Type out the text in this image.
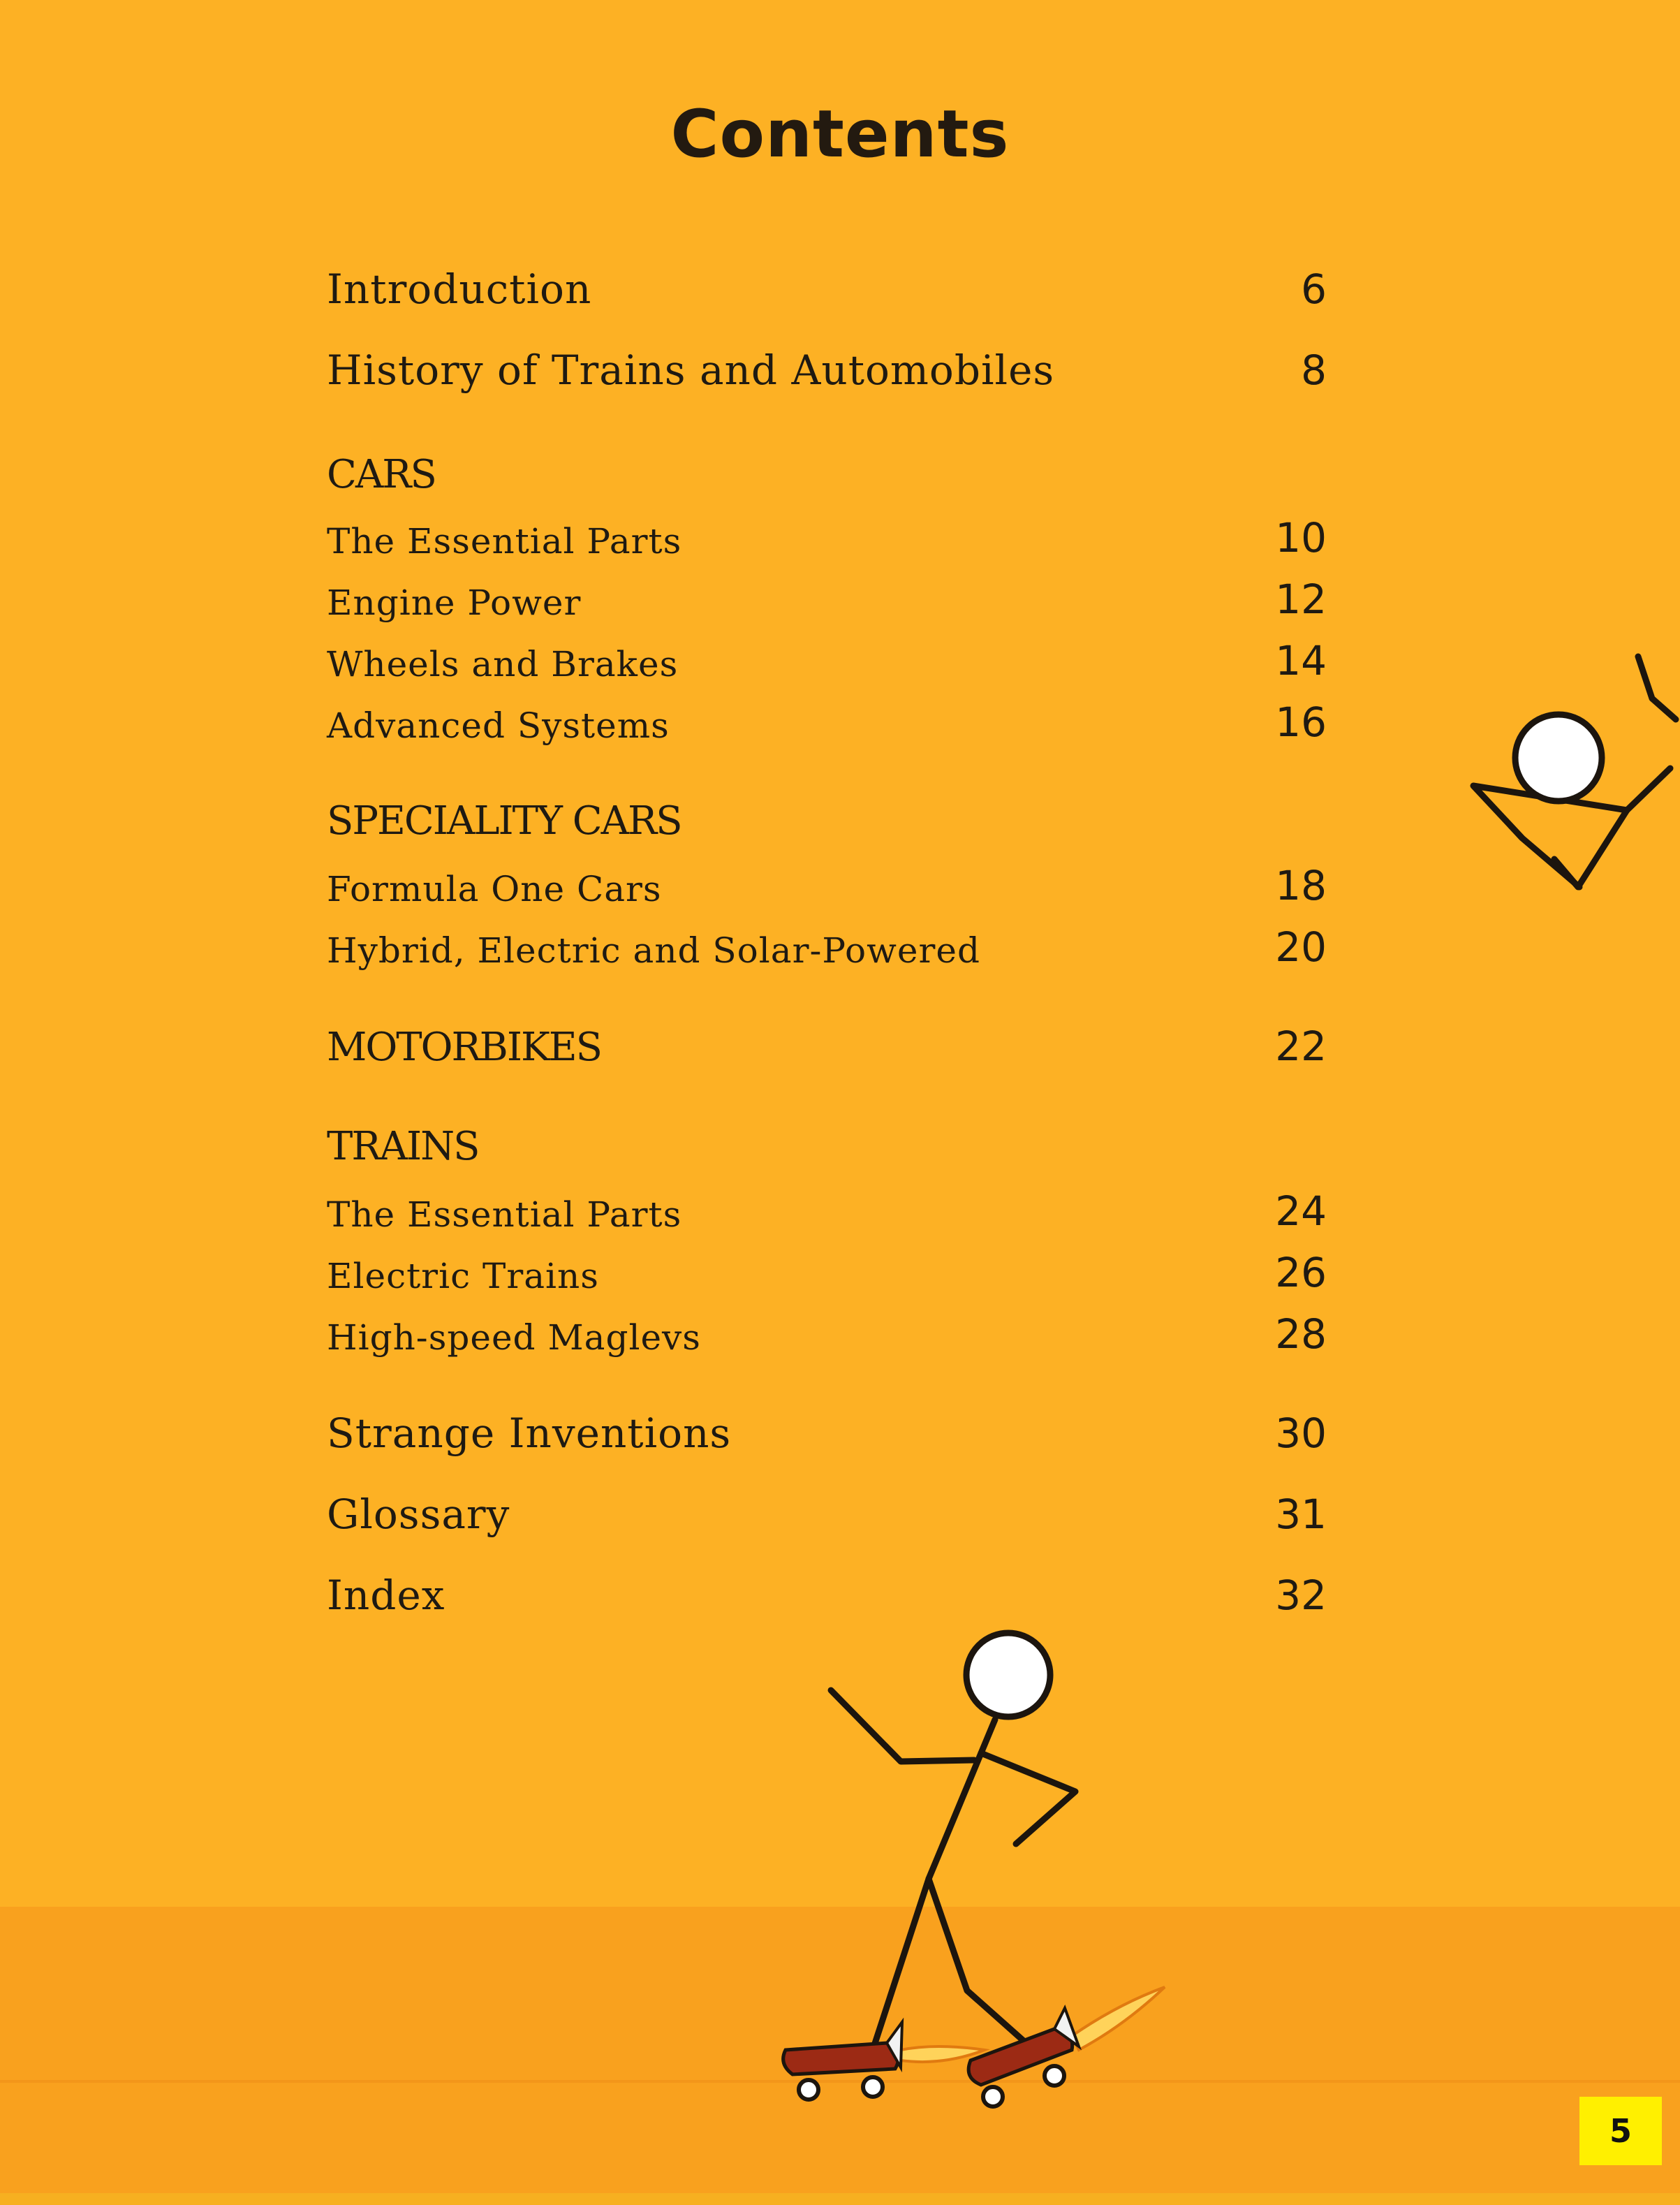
Contents
Introduction	6
History of Trains and Automobiles	8
CARS
The Essential Parts	10
Engine Power	12
Wheels and Brakes	14
Advanced Systems	16
SPECIALITY CARS
Formula One Cars	18
Hybrid, Electric and Solar-Powered	20
MOTORBIKES	22
TRAINS
The Essential Parts	24
Electric Trains	26
High-speed Maglevs	28
Strange Inventions	30
Glossary	31
Index	32
5
